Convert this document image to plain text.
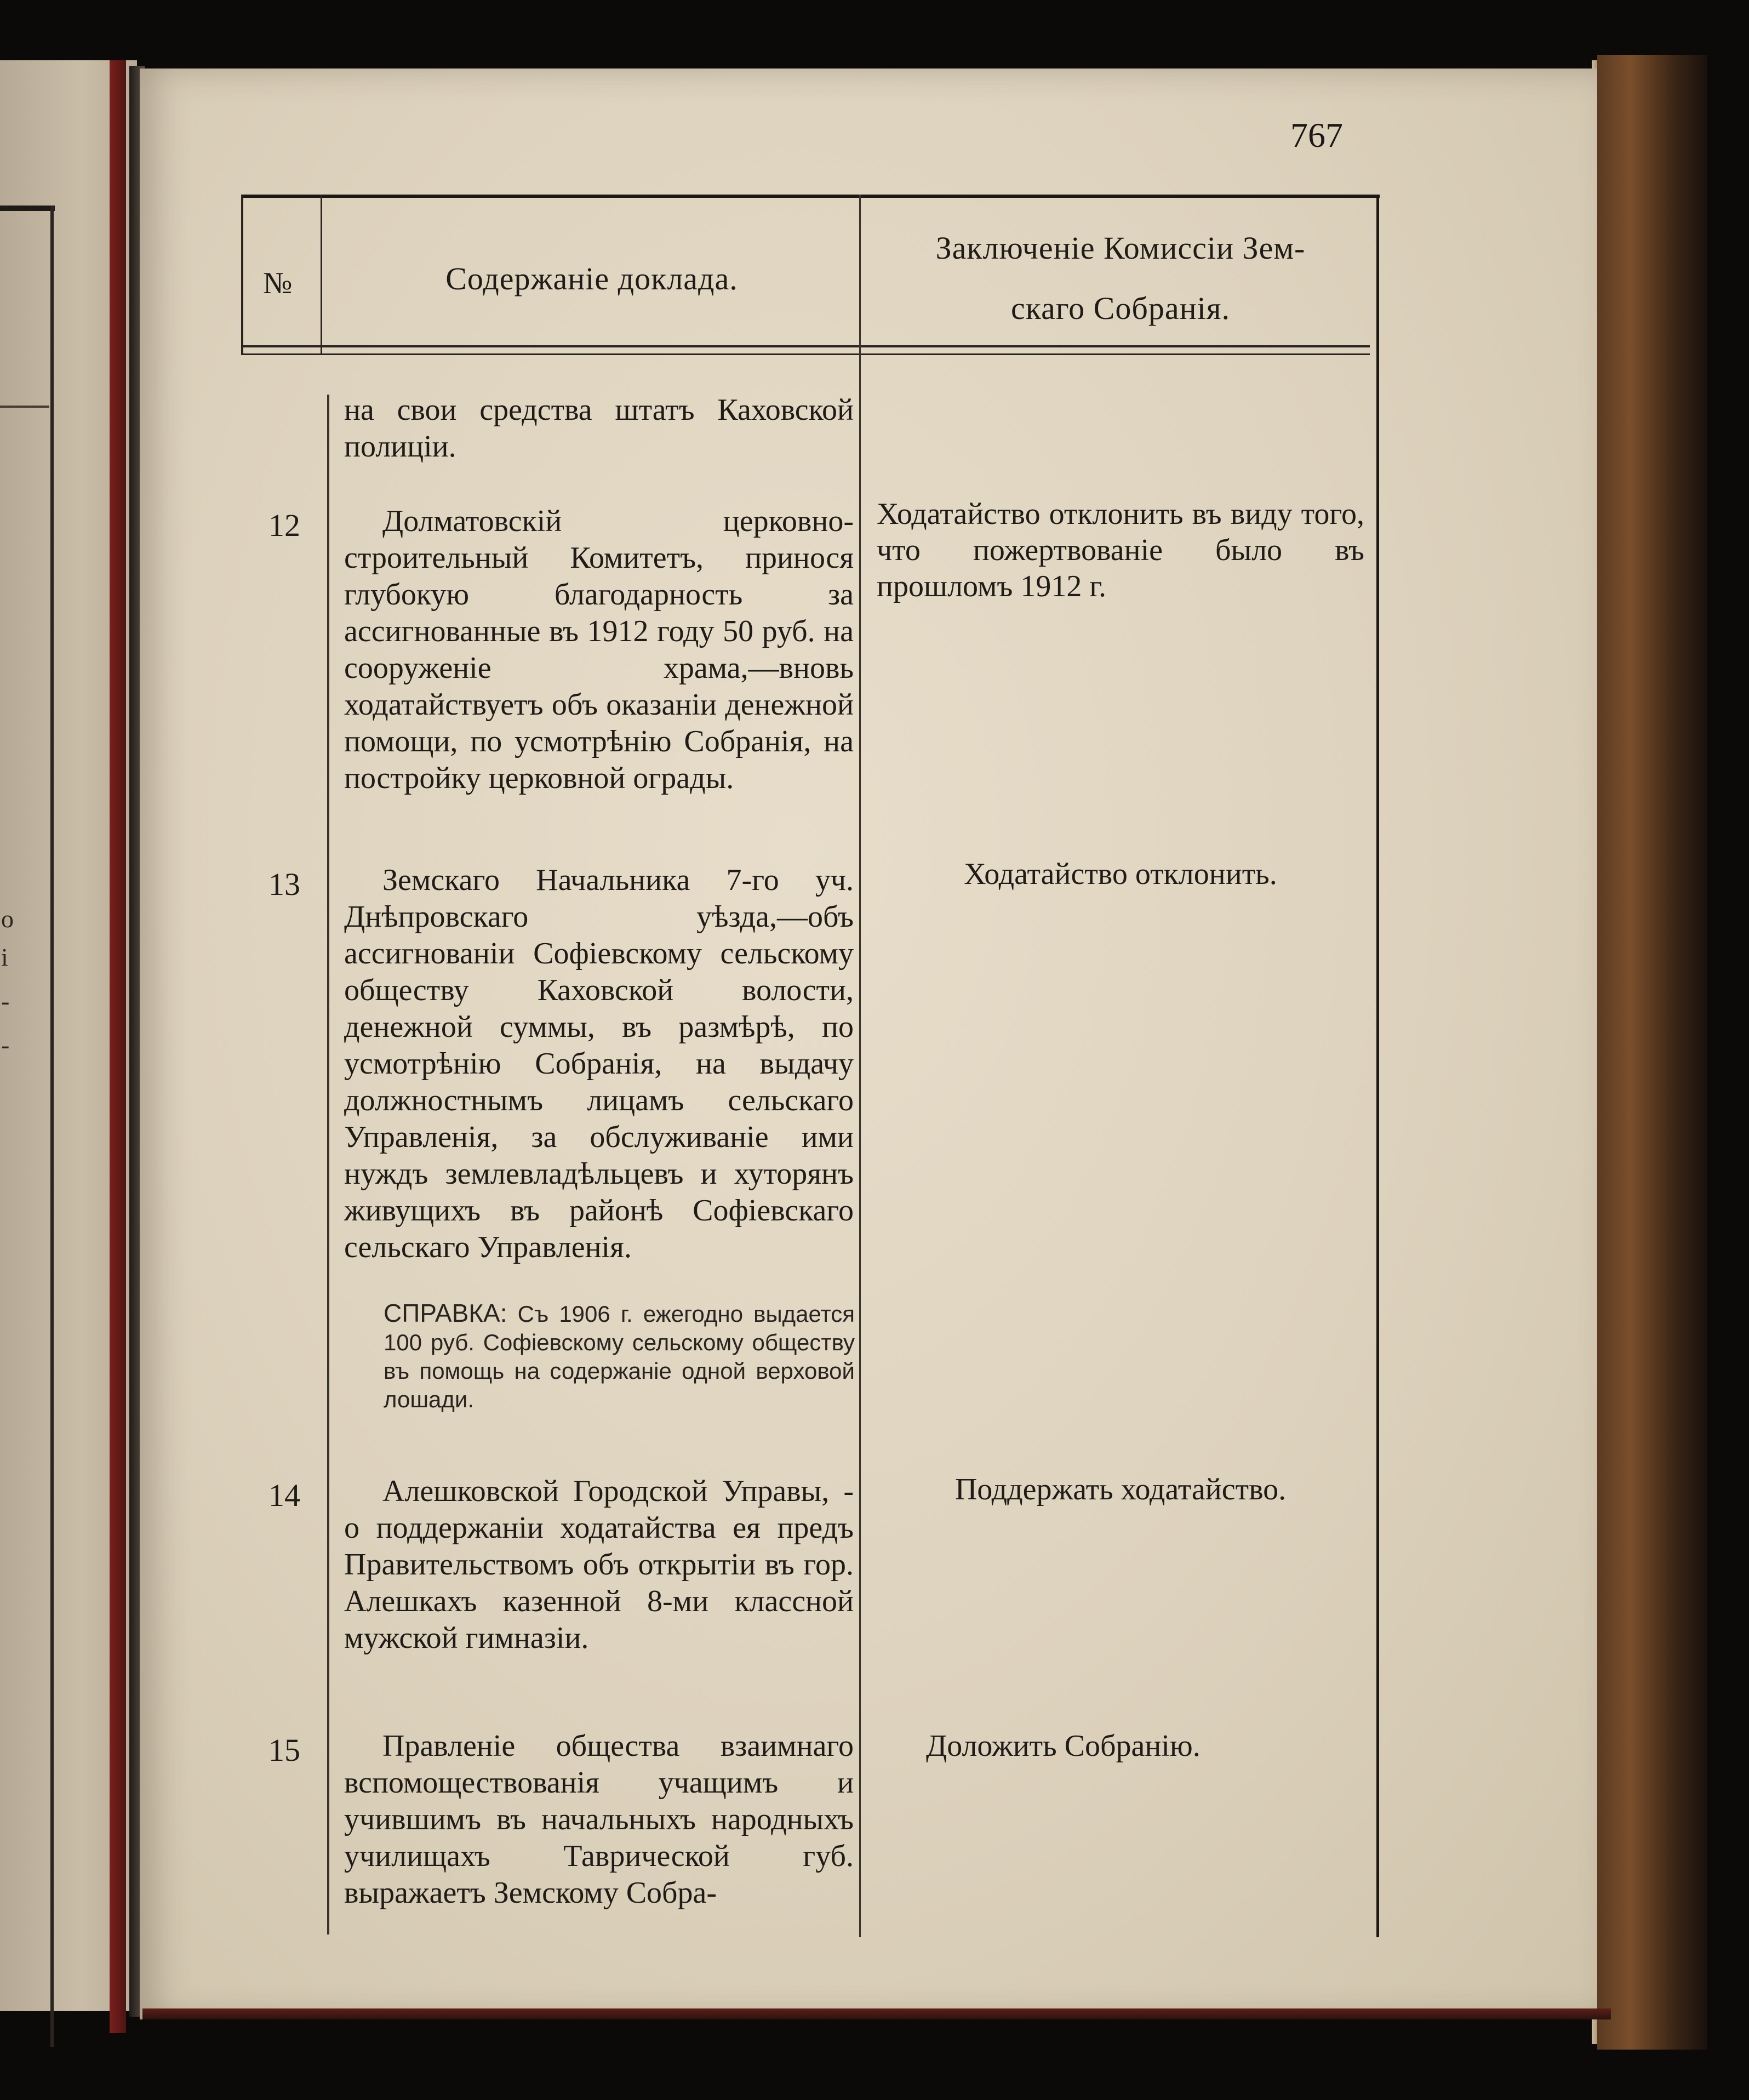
о
і
-
-
767
№	Содержаніе доклада.
Заключеніе Комиссіи Зем-
скаго Собранія.
на свои средства штатъ Каховской полиціи.
12	Долматовскій церковно-строительный Комитетъ, принося глубокую благодарность за ассигнованные въ 1912 году 50 руб. на сооруженіе храма,—вновь ходатайствуетъ объ оказаніи денежной помощи, по усмотрѣнію Собранія, на постройку церковной ограды.
Ходатайство отклонить въ виду того, что пожертвованіе было въ прошломъ 1912 г.
13	Земскаго Начальника 7-го уч. Днѣпровскаго уѣзда,—объ ассигнованіи Софіевскому сельскому обществу Каховской волости, денежной суммы, въ размѣрѣ, по усмотрѣнію Собранія, на выдачу должностнымъ лицамъ сельскаго Управленія, за обслуживаніе ими нуждъ землевладѣльцевъ и хуторянъ живущихъ въ районѣ Софіевскаго сельскаго Управленія.
СПРАВКА: Съ 1906 г. ежегодно выдается 100 руб. Софіевскому сельскому обществу въ помощь на содержаніе одной верховой лошади.
Ходатайство отклонить.
14	Алешковской Городской Управы, - о поддержаніи ходатайства ея предъ Правительствомъ объ открытіи въ гор. Алешкахъ казенной 8-ми классной мужской гимназіи.
Поддержать ходатайство.
15	Правленіе общества взаимнаго вспомоществованія учащимъ и учившимъ въ начальныхъ народныхъ училищахъ Таврической губ. выражаетъ Земскому Собра-
Доложить Собранію.
